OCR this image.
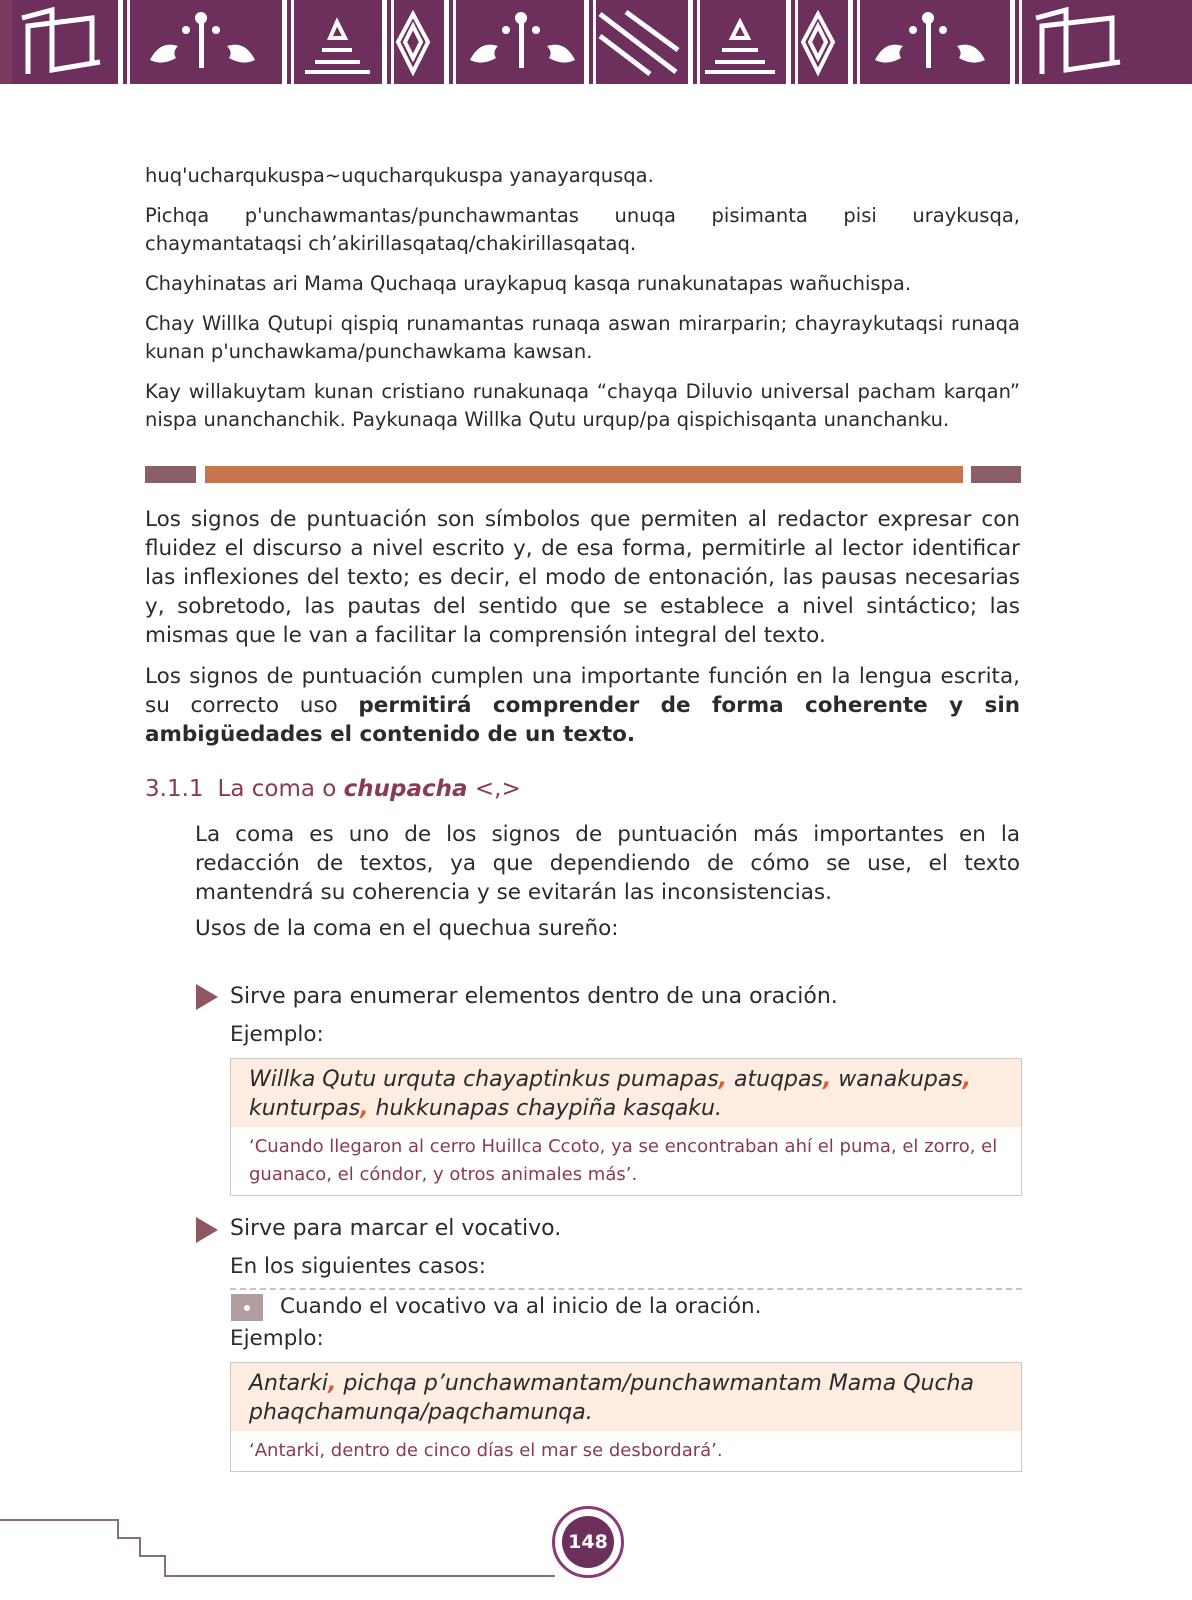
huq'ucharqukuspa~uqucharqukuspa yanayarqusqa.

Pichqa p'unchawmantas/punchawmantas unuqa pisimanta pisi uraykusqa, chaymantataqsi ch’akirillasqataq/chakirillasqataq.

Chayhinatas ari Mama Quchaqa uraykapuq kasqa runakunatapas wañuchispa.

Chay Willka Qutupi qispiq runamantas runaqa aswan mirarparin; chayraykutaqsi runaqa kunan p'unchawkama/punchawkama kawsan.

Kay willakuytam kunan cristiano runakunaqa “chayqa Diluvio universal pacham karqan” nispa unanchanchik. Paykunaqa Willka Qutu urqup/pa qispichisqanta unanchanku.

Los signos de puntuación son símbolos que permiten al redactor expresar con fluidez el discurso a nivel escrito y, de esa forma, permitirle al lector identificar las inflexiones del texto; es decir, el modo de entonación, las pausas necesarias y, sobretodo, las pautas del sentido que se establece a nivel sintáctico; las mismas que le van a facilitar la comprensión integral del texto.

Los signos de puntuación cumplen una importante función en la lengua escrita, su correcto uso permitirá comprender de forma coherente y sin ambigüedades el contenido de un texto.

3.1.1 La coma o chupacha <,>

La coma es uno de los signos de puntuación más importantes en la redacción de textos, ya que dependiendo de cómo se use, el texto mantendrá su coherencia y se evitarán las inconsistencias.

Usos de la coma en el quechua sureño:

Sirve para enumerar elementos dentro de una oración.

Ejemplo:

Willka Qutu urquta chayaptinkus pumapas, atuqpas, wanakupas, kunturpas, hukkunapas chaypiña kasqaku.
‘Cuando llegaron al cerro Huillca Ccoto, ya se encontraban ahí el puma, el zorro, el guanaco, el cóndor, y otros animales más’.

Sirve para marcar el vocativo.

En los siguientes casos:

Cuando el vocativo va al inicio de la oración.

Ejemplo:

Antarki, pichqa p’unchawmantam/punchawmantam Mama Qucha phaqchamunqa/paqchamunqa.
‘Antarki, dentro de cinco días el mar se desbordará’.
148
